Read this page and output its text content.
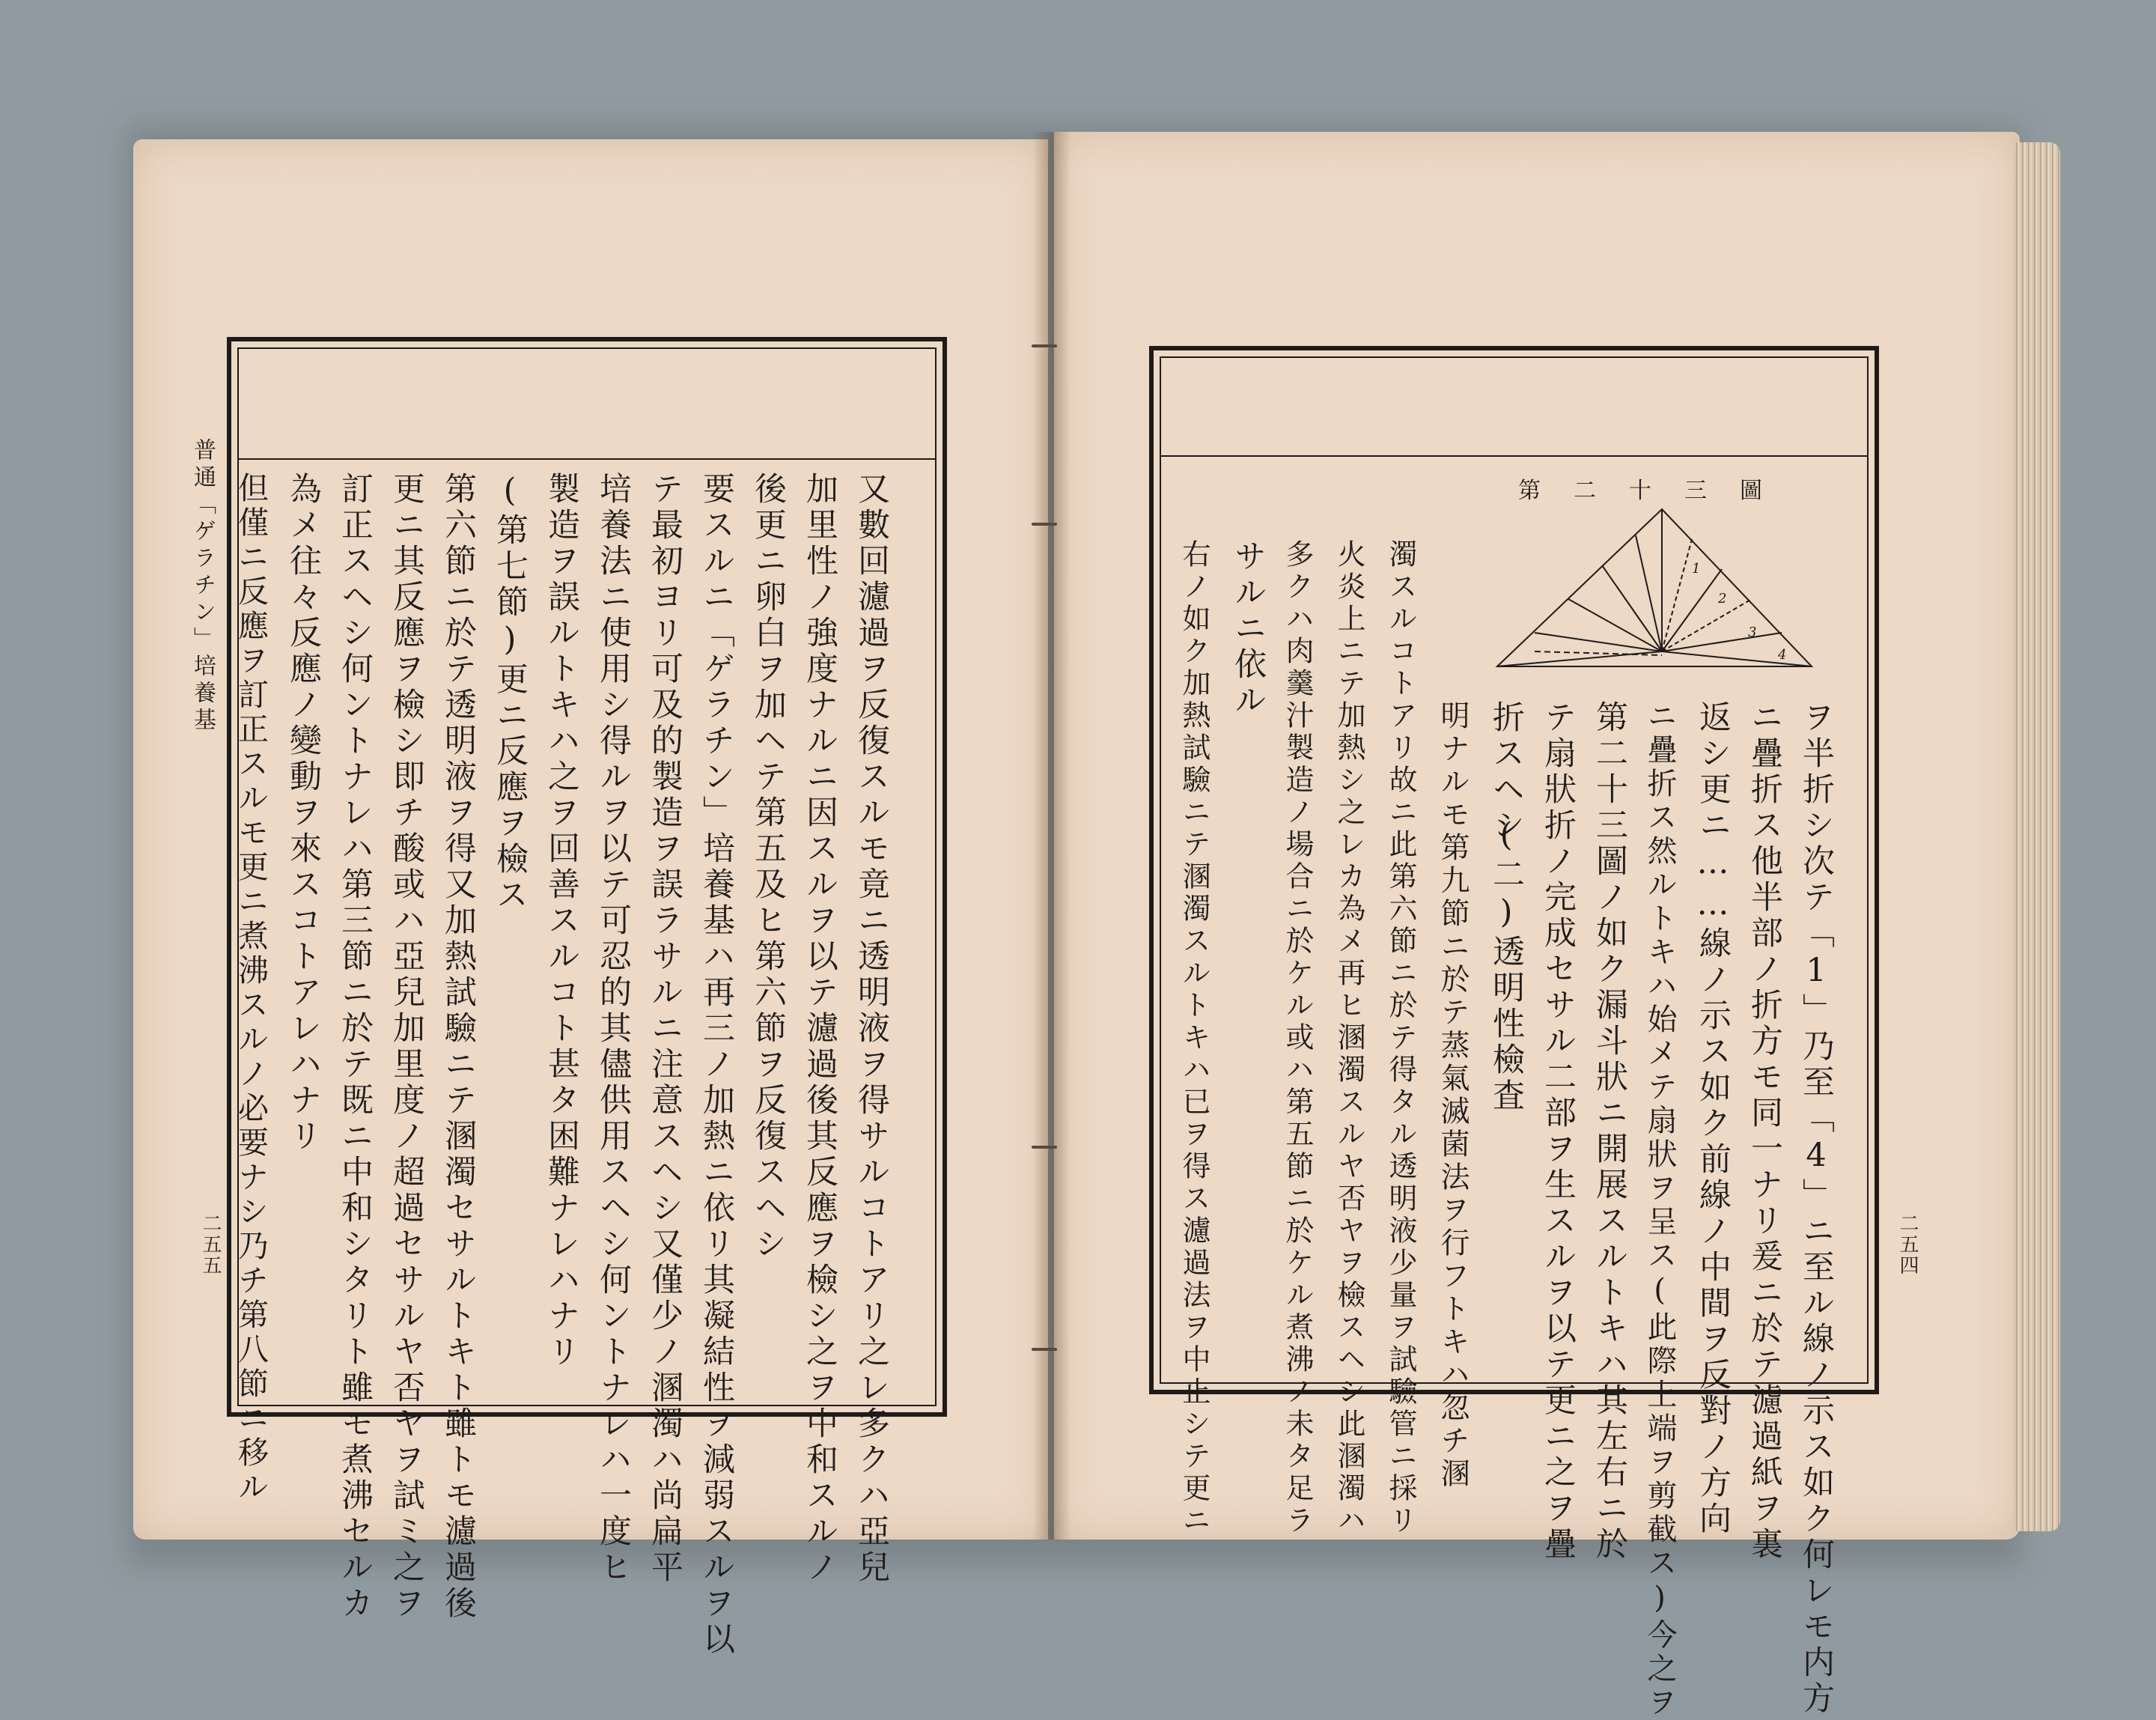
普通「ゲラチン」培養基
二五五	又數回濾過ヲ反復スルモ竟ニ透明液ヲ得サルコトアリ之レ多クハ亞兒
加里性ノ強度ナルニ因スルヲ以テ濾過後其反應ヲ檢シ之ヲ中和スルノ
後更ニ卵白ヲ加ヘテ第五及ヒ第六節ヲ反復スヘシ
要スルニ「ゲラチン」培養基ハ再三ノ加熱ニ依リ其凝結性ヲ減弱スルヲ以
テ最初ヨリ可及的製造ヲ誤ラサルニ注意スヘシ又僅少ノ溷濁ハ尚扁平
培養法ニ使用シ得ルヲ以テ可忍的其儘供用スヘシ何ントナレハ一度ヒ
製造ヲ誤ルトキハ之ヲ回善スルコト甚タ困難ナレハナリ
(第七節)更ニ反應ヲ檢ス
第六節ニ於テ透明液ヲ得又加熱試驗ニテ溷濁セサルトキト雖トモ濾過後
更ニ其反應ヲ檢シ即チ酸或ハ亞兒加里度ノ超過セサルヤ否ヤヲ試ミ之ヲ
訂正スヘシ何ントナレハ第三節ニ於テ既ニ中和シタリト雖モ煮沸セルカ
為メ往々反應ノ變動ヲ來スコトアレハナリ
但僅ニ反應ヲ訂正スルモ更ニ煮沸スルノ必要ナシ乃チ第八節ニ移ル	二五四
第二十三圖
1
2
3
4
ヲ半折シ次テ「1」乃至「4」ニ至ル線ノ示ス如ク何レモ内方
ニ疊折ス他半部ノ折方モ同一ナリ爰ニ於テ濾過紙ヲ裏
返シ更ニ……線ノ示ス如ク前線ノ中間ヲ反對ノ方向
ニ疊折ス然ルトキハ始メテ扇狀ヲ呈ス(此際上端ヲ剪截ス)今之ヲ
第二十三圖ノ如ク漏斗狀ニ開展スルトキハ其左右ニ於
テ扇狀折ノ完成セサル二部ヲ生スルヲ以テ更ニ之ヲ疊
折スヘシ
(二)透明性檢査
明ナルモ第九節ニ於テ蒸氣滅菌法ヲ行フトキハ忽チ溷
濁スルコトアリ故ニ此第六節ニ於テ得タル透明液少量ヲ試驗管ニ採リ
火炎上ニテ加熱シ之レカ為メ再ヒ溷濁スルヤ否ヤヲ檢スヘシ此溷濁ハ
多クハ肉羹汁製造ノ場合ニ於ケル或ハ第五節ニ於ケル煮沸ノ未タ足ラ
サルニ依ル
右ノ如ク加熱試驗ニテ溷濁スルトキハ已ヲ得ス濾過法ヲ中止シテ更ニ
